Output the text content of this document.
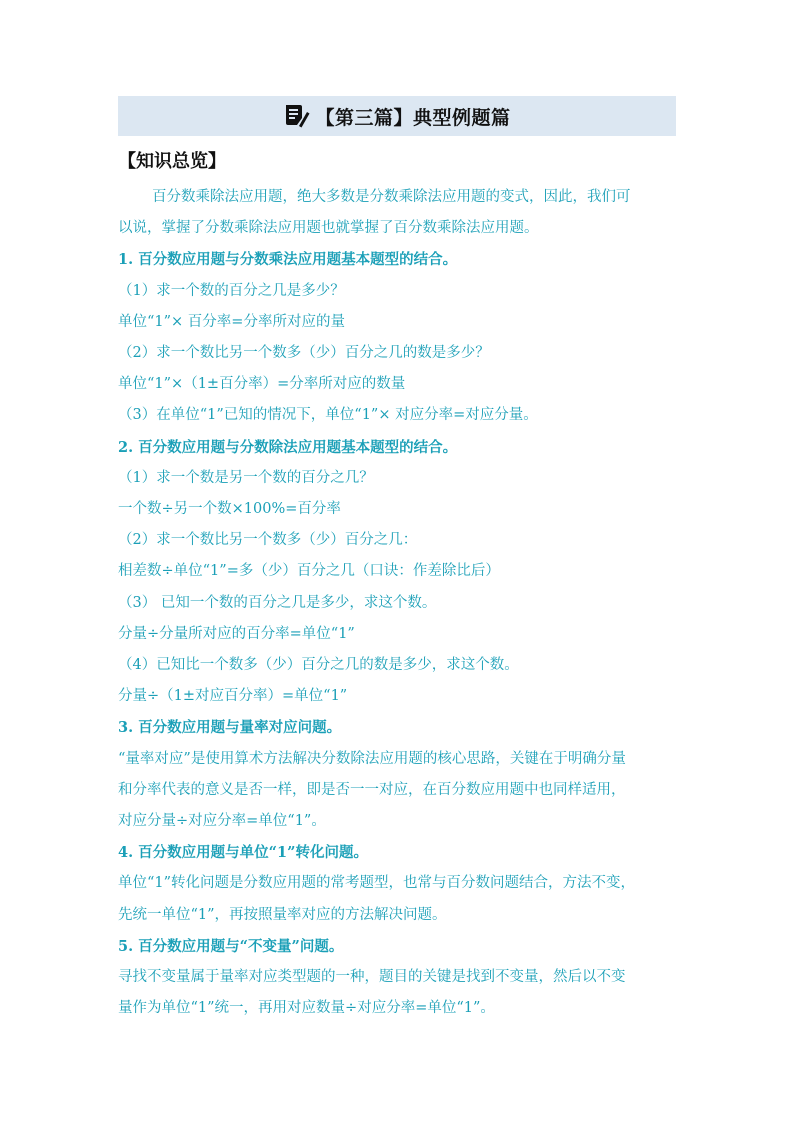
【第三篇】典型例题篇
【知识总览】
百分数乘除法应用题，绝大多数是分数乘除法应用题的变式，因此，我们可
以说，掌握了分数乘除法应用题也就掌握了百分数乘除法应用题。
1. 百分数应用题与分数乘法应用题基本题型的结合。
（1）求一个数的百分之几是多少？
单位“1”× 百分率=分率所对应的量
（2）求一个数比另一个数多（少）百分之几的数是多少？
单位“1”×（1±百分率）=分率所对应的数量
（3）在单位“1”已知的情况下，单位“1”× 对应分率=对应分量。
2. 百分数应用题与分数除法应用题基本题型的结合。
（1）求一个数是另一个数的百分之几？
一个数÷另一个数×100%=百分率
（2）求一个数比另一个数多（少）百分之几：
相差数÷单位“1”=多（少）百分之几（口诀：作差除比后）
（3） 已知一个数的百分之几是多少，求这个数。
分量÷分量所对应的百分率=单位“1”
（4）已知比一个数多（少）百分之几的数是多少，求这个数。
分量÷（1±对应百分率）=单位“1”
3. 百分数应用题与量率对应问题。
“量率对应”是使用算术方法解决分数除法应用题的核心思路，关键在于明确分量
和分率代表的意义是否一样，即是否一一对应，在百分数应用题中也同样适用，
对应分量÷对应分率=单位“1”。
4. 百分数应用题与单位“1”转化问题。
单位“1”转化问题是分数应用题的常考题型，也常与百分数问题结合，方法不变，
先统一单位“1”，再按照量率对应的方法解决问题。
5. 百分数应用题与“不变量”问题。
寻找不变量属于量率对应类型题的一种，题目的关键是找到不变量，然后以不变
量作为单位“1”统一，再用对应数量÷对应分率=单位“1”。
